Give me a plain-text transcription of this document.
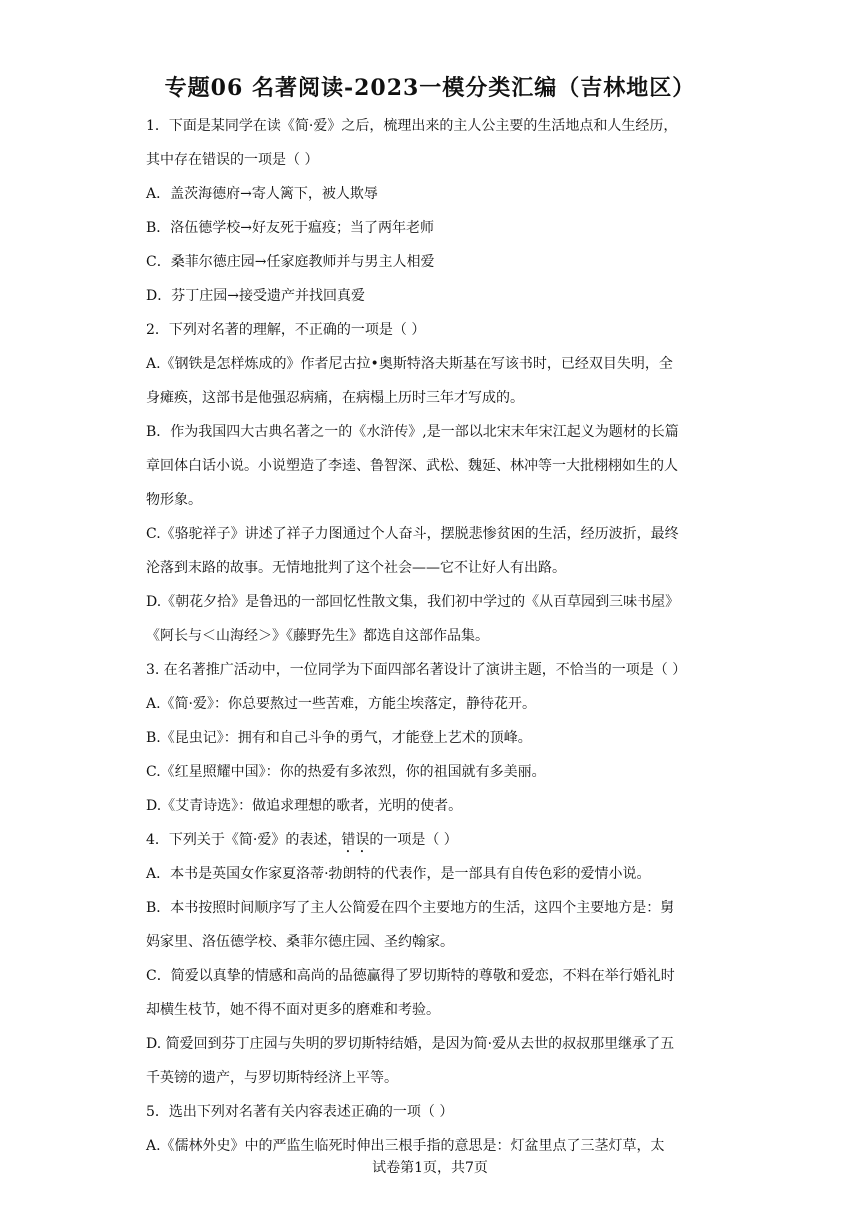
专题06 名著阅读-2023一模分类汇编（吉林地区）

1．下面是某同学在读《简·爱》之后，梳理出来的主人公主要的生活地点和人生经历，

其中存在错误的一项是（ ）

A．盖茨海德府→寄人篱下，被人欺辱

B．洛伍德学校→好友死于瘟疫；当了两年老师

C．桑菲尔德庄园→任家庭教师并与男主人相爱

D．芬丁庄园→接受遗产并找回真爱

2．下列对名著的理解，不正确的一项是（ ）

A.《钢铁是怎样炼成的》作者尼古拉•奥斯特洛夫斯基在写该书时，已经双目失明，全

身瘫痪，这部书是他强忍病痛，在病榻上历时三年才写成的。

B．作为我国四大古典名著之一的《水浒传》,是一部以北宋末年宋江起义为题材的长篇

章回体白话小说。小说塑造了李逵、鲁智深、武松、魏延、林冲等一大批栩栩如生的人

物形象。

C.《骆驼祥子》讲述了祥子力图通过个人奋斗，摆脱悲惨贫困的生活，经历波折，最终

沦落到末路的故事。无情地批判了这个社会——它不让好人有出路。

D.《朝花夕拾》是鲁迅的一部回忆性散文集，我们初中学过的《从百草园到三味书屋》

《阿长与＜山海经＞》《藤野先生》都选自这部作品集。

3. 在名著推广活动中，一位同学为下面四部名著设计了演讲主题，不恰当的一项是（ ）

A.《简·爱》：你总要熬过一些苦难，方能尘埃落定，静待花开。

B.《昆虫记》：拥有和自己斗争的勇气，才能登上艺术的顶峰。

C.《红星照耀中国》：你的热爱有多浓烈，你的祖国就有多美丽。

D.《艾青诗选》：做追求理想的歌者，光明的使者。

4．下列关于《简·爱》的表述，错误的一项是（ ）

A．本书是英国女作家夏洛蒂·勃朗特的代表作，是一部具有自传色彩的爱情小说。

B．本书按照时间顺序写了主人公简爱在四个主要地方的生活，这四个主要地方是：舅

妈家里、洛伍德学校、桑菲尔德庄园、圣约翰家。

C．简爱以真挚的情感和高尚的品德赢得了罗切斯特的尊敬和爱恋，不料在举行婚礼时

却横生枝节，她不得不面对更多的磨难和考验。

D. 简爱回到芬丁庄园与失明的罗切斯特结婚，是因为简·爱从去世的叔叔那里继承了五

千英镑的遗产，与罗切斯特经济上平等。

5．选出下列对名著有关内容表述正确的一项（ ）

A.《儒林外史》中的严监生临死时伸出三根手指的意思是：灯盆里点了三茎灯草，太

试卷第1页，共7页
